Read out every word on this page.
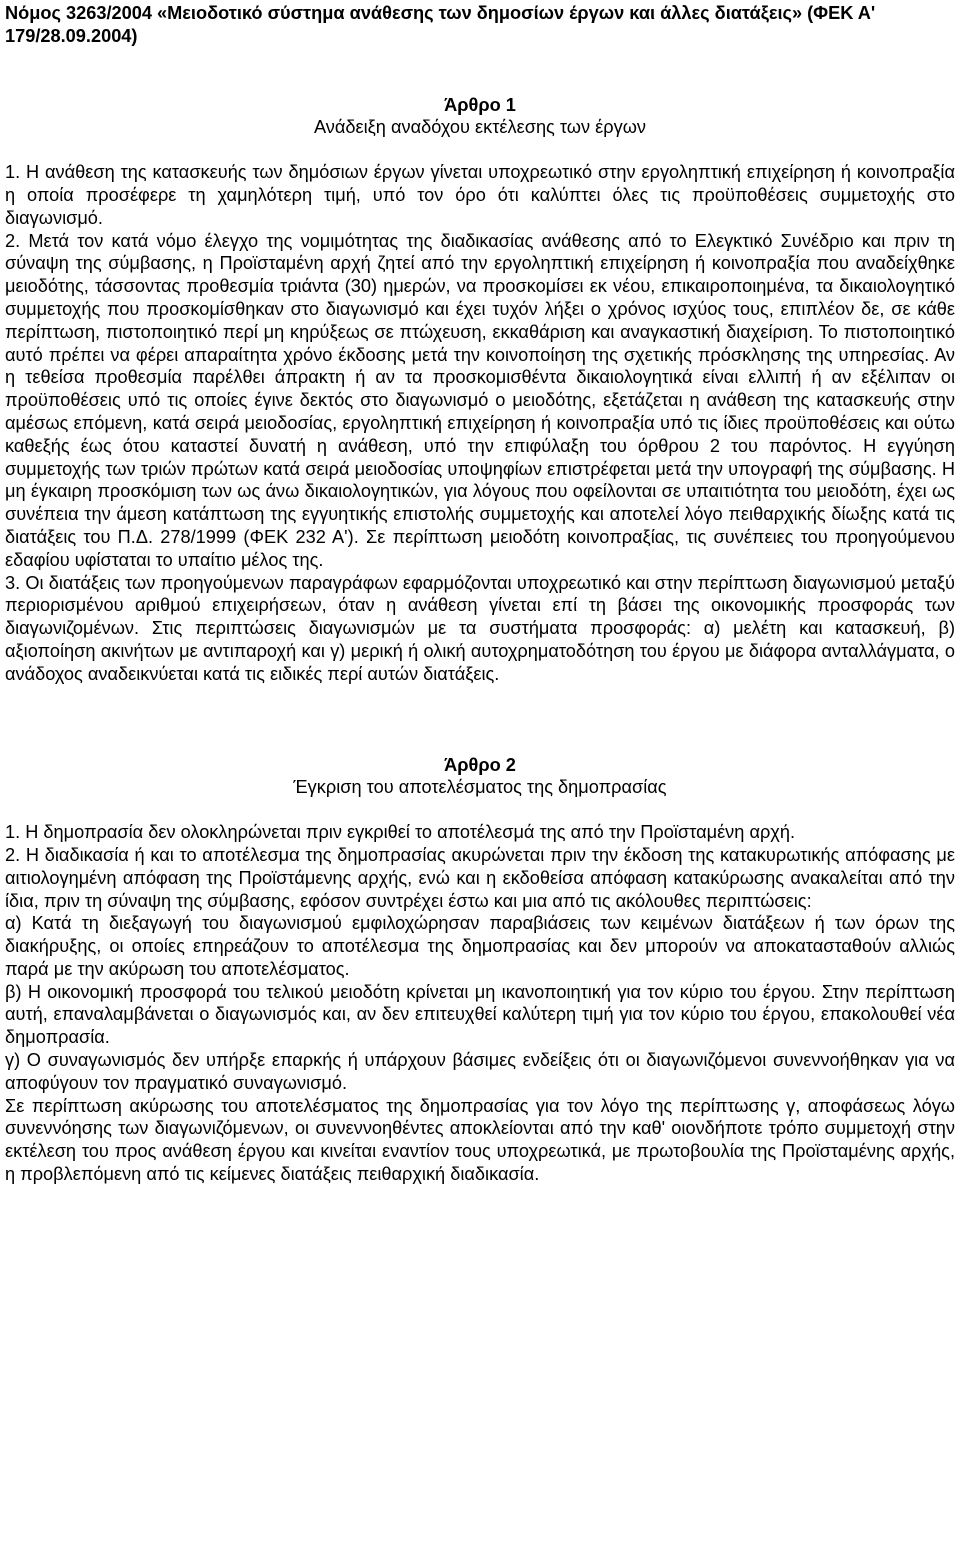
Νόμος 3263/2004 «Μειοδοτικό σύστημα ανάθεσης των δημοσίων έργων και άλλες διατάξεις» (ΦΕΚ Α' 179/28.09.2004)

Άρθρο 1

Ανάδειξη αναδόχου εκτέλεσης των έργων

1. Η ανάθεση της κατασκευής των δημόσιων έργων γίνεται υποχρεωτικό στην εργοληπτική επιχείρηση ή κοινοπραξία η οποία προσέφερε τη χαμηλότερη τιμή, υπό τον όρο ότι καλύπτει όλες τις προϋποθέσεις συμμετοχής στο διαγωνισμό.

2. Μετά τον κατά νόμο έλεγχο της νομιμότητας της διαδικασίας ανάθεσης από το Ελεγκτικό Συνέδριο και πριν τη σύναψη της σύμβασης, η Προϊσταμένη αρχή ζητεί από την εργοληπτική επιχείρηση ή κοινοπραξία που αναδείχθηκε μειοδότης, τάσσοντας προθεσμία τριάντα (30) ημερών, να προσκομίσει εκ νέου, επικαιροποιημένα, τα δικαιολογητικό συμμετοχής που προσκομίσθηκαν στο διαγωνισμό και έχει τυχόν λήξει ο χρόνος ισχύος τους, επιπλέον δε, σε κάθε περίπτωση, πιστοποιητικό περί μη κηρύξεως σε πτώχευση, εκκαθάριση και αναγκαστική διαχείριση. Το πιστοποιητικό αυτό πρέπει να φέρει απαραίτητα χρόνο έκδοσης μετά την κοινοποίηση της σχετικής πρόσκλησης της υπηρεσίας. Αν η τεθείσα προθεσμία παρέλθει άπρακτη ή αν τα προσκομισθέντα δικαιολογητικά είναι ελλιπή ή αν εξέλιπαν οι προϋποθέσεις υπό τις οποίες έγινε δεκτός στο διαγωνισμό ο μειοδότης, εξετάζεται η ανάθεση της κατασκευής στην αμέσως επόμενη, κατά σειρά μειοδοσίας, εργοληπτική επιχείρηση ή κοινοπραξία υπό τις ίδιες προϋποθέσεις και ούτω καθεξής έως ότου καταστεί δυνατή η ανάθεση, υπό την επιφύλαξη του όρθρου 2 του παρόντος. Η εγγύηση συμμετοχής των τριών πρώτων κατά σειρά μειοδοσίας υποψηφίων επιστρέφεται μετά την υπογραφή της σύμβασης. Η μη έγκαιρη προσκόμιση των ως άνω δικαιολογητικών, για λόγους που οφείλονται σε υπαιτιότητα του μειοδότη, έχει ως συνέπεια την άμεση κατάπτωση της εγγυητικής επιστολής συμμετοχής και αποτελεί λόγο πειθαρχικής δίωξης κατά τις διατάξεις του Π.Δ. 278/1999 (ΦΕΚ 232 Α'). Σε περίπτωση μειοδότη κοινοπραξίας, τις συνέπειες του προηγούμενου εδαφίου υφίσταται το υπαίτιο μέλος της.

3. Οι διατάξεις των προηγούμενων παραγράφων εφαρμόζονται υποχρεωτικό και στην περίπτωση διαγωνισμού μεταξύ περιορισμένου αριθμού επιχειρήσεων, όταν η ανάθεση γίνεται επί τη βάσει της οικονομικής προσφοράς των διαγωνιζομένων. Στις περιπτώσεις διαγωνισμών με τα συστήματα προσφοράς: α) μελέτη και κατασκευή, β) αξιοποίηση ακινήτων με αντιπαροχή και γ) μερική ή ολική αυτοχρηματοδότηση του έργου με διάφορα ανταλλάγματα, ο ανάδοχος αναδεικνύεται κατά τις ειδικές περί αυτών διατάξεις.

Άρθρο 2

Έγκριση του αποτελέσματος της δημοπρασίας

1. Η δημοπρασία δεν ολοκληρώνεται πριν εγκριθεί το αποτέλεσμά της από την Προϊσταμένη αρχή.

2. Η διαδικασία ή και το αποτέλεσμα της δημοπρασίας ακυρώνεται πριν την έκδοση της κατακυρωτικής απόφασης με αιτιολογημένη απόφαση της Προϊστάμενης αρχής, ενώ και η εκδοθείσα απόφαση κατακύρωσης ανακαλείται από την ίδια, πριν τη σύναψη της σύμβασης, εφόσον συντρέχει έστω και μια από τις ακόλουθες περιπτώσεις:

α) Κατά τη διεξαγωγή του διαγωνισμού εμφιλοχώρησαν παραβιάσεις των κειμένων διατάξεων ή των όρων της διακήρυξης, οι οποίες επηρεάζουν το αποτέλεσμα της δημοπρασίας και δεν μπορούν να αποκατασταθούν αλλιώς παρά με την ακύρωση του αποτελέσματος.

β) Η οικονομική προσφορά του τελικού μειοδότη κρίνεται μη ικανοποιητική για τον κύριο του έργου. Στην περίπτωση αυτή, επαναλαμβάνεται ο διαγωνισμός και, αν δεν επιτευχθεί καλύτερη τιμή για τον κύριο του έργου, επακολουθεί νέα δημοπρασία.

γ) Ο συναγωνισμός δεν υπήρξε επαρκής ή υπάρχουν βάσιμες ενδείξεις ότι οι διαγωνιζόμενοι συνεννοήθηκαν για να αποφύγουν τον πραγματικό συναγωνισμό.

Σε περίπτωση ακύρωσης του αποτελέσματος της δημοπρασίας για τον λόγο της περίπτωσης γ, αποφάσεως λόγω συνεννόησης των διαγωνιζόμενων, οι συνεννοηθέντες αποκλείονται από την καθ' οιονδήποτε τρόπο συμμετοχή στην εκτέλεση του προς ανάθεση έργου και κινείται εναντίον τους υποχρεωτικά, με πρωτοβουλία της Προϊσταμένης αρχής, η προβλεπόμενη από τις κείμενες διατάξεις πειθαρχική διαδικασία.
